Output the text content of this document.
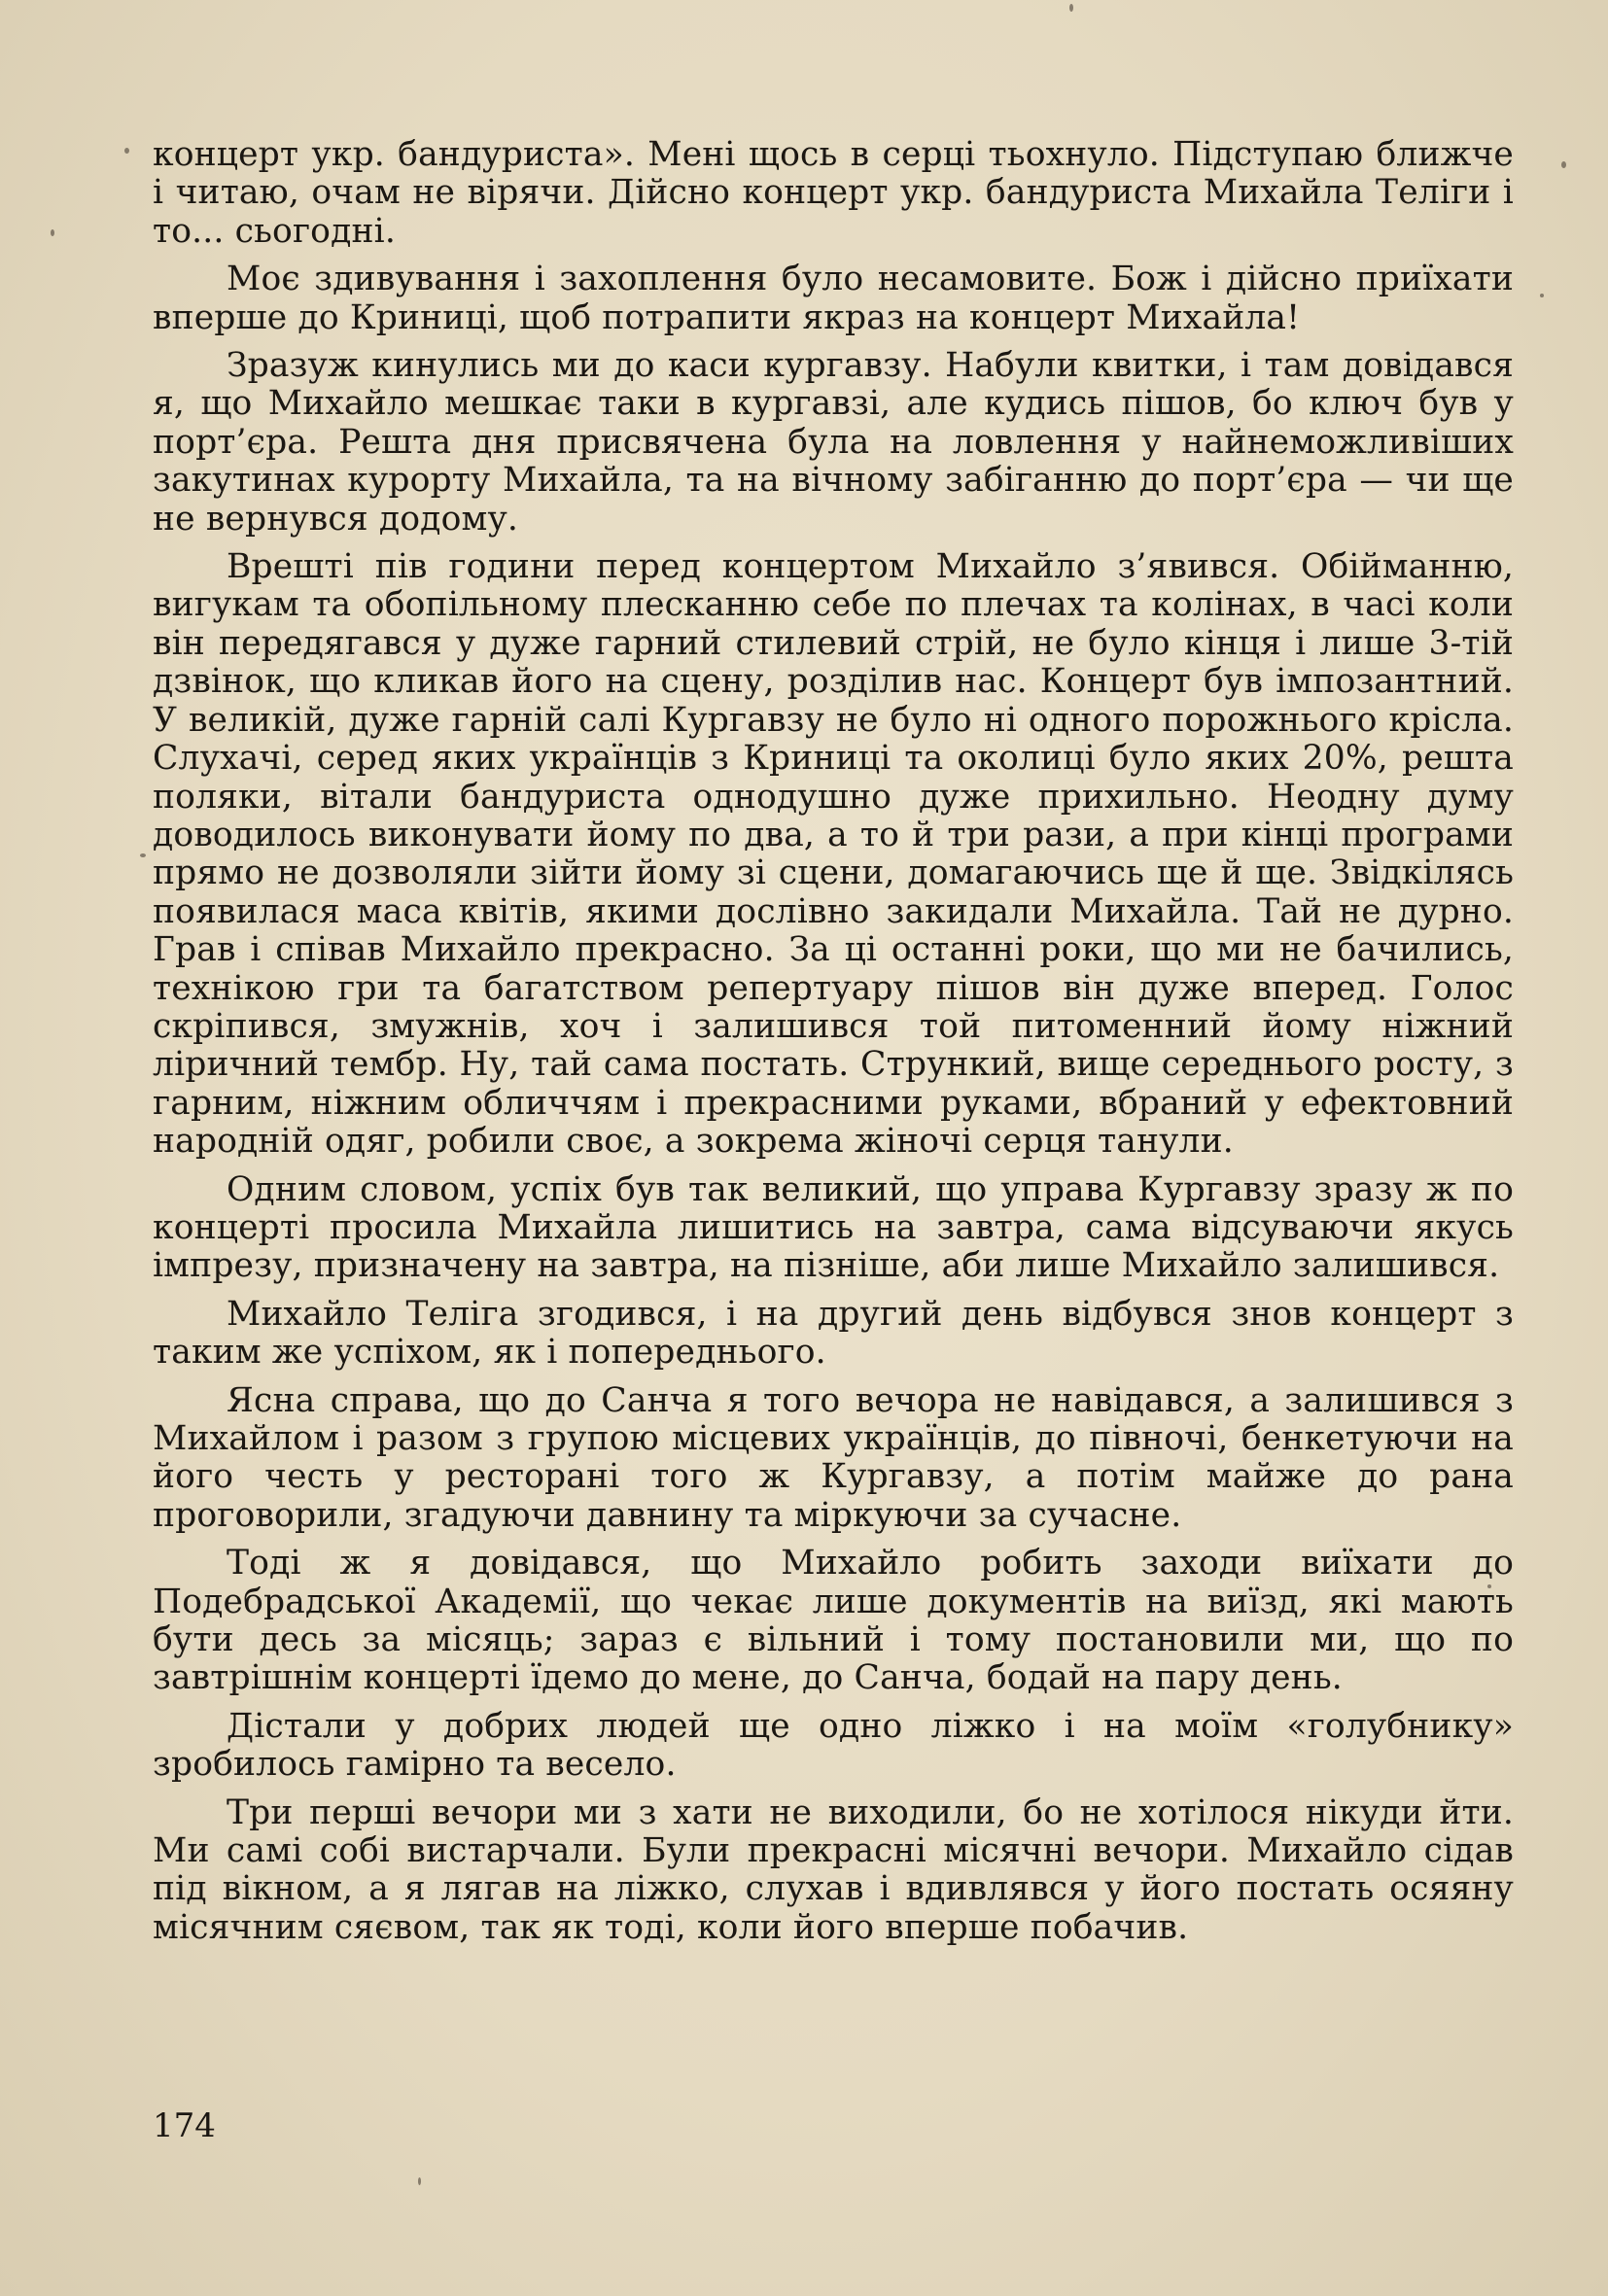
концерт укр. бандуриста». Мені щось в серці тьохнуло. Підступаю ближче і читаю, очам не вірячи. Дійсно концерт укр. бандуриста Михайла Теліги і то... сьогодні.

Моє здивування і захоплення було несамовите. Бож і дійсно приїхати вперше до Криниці, щоб потрапити якраз на концерт Михайла!

Зразуж кинулись ми до каси кургавзу. Набули квитки, і там довідався я, що Михайло мешкає таки в кургавзі, але кудись пішов, бо ключ був у порт’єра. Решта дня присвячена була на ловлення у найнеможливіших закутинах курорту Михайла, та на вічному забіганню до порт’єра — чи ще не вернувся додому.

Врешті пів години перед концертом Михайло з’явився. Обійманню, вигукам та обопільному плесканню себе по плечах та колінах, в часі коли він передягався у дуже гарний стилевий стрій, не було кінця і лише 3-тій дзвінок, що кликав його на сцену, розділив нас. Концерт був імпозантний. У великій, дуже гарній салі Кургавзу не було ні одного порожнього крісла. Слухачі, серед яких українців з Криниці та околиці було яких 20%, решта поляки, вітали бандуриста однодушно дуже прихильно. Неодну думу доводилось виконувати йому по два, а то й три рази, а при кінці програми прямо не дозволяли зійти йому зі сцени, домагаючись ще й ще. Звідкілясь появилася маса квітів, якими дослівно закидали Михайла. Тай не дурно. Грав і співав Михайло прекрасно. За ці останні роки, що ми не бачились, технікою гри та багатством репертуару пішов він дуже вперед. Голос скріпився, змужнів, хоч і залишився той питоменний йому ніжний ліричний тембр. Ну, тай сама постать. Стрункий, вище середнього росту, з гарним, ніжним обличчям і прекрасними руками, вбраний у ефектовний народній одяг, робили своє, а зокрема жіночі серця танули.

Одним словом, успіх був так великий, що управа Кургавзу зразу ж по концерті просила Михайла лишитись на завтра, сама відсуваючи якусь імпрезу, призначену на завтра, на пізніше, аби лише Михайло залишився.

Михайло Теліга згодився, і на другий день відбувся знов концерт з таким же успіхом, як і попереднього.

Ясна справа, що до Санча я того вечора не навідався, а залишився з Михайлом і разом з групою місцевих українців, до півночі, бенкетуючи на його честь у ресторані того ж Кургавзу, а потім майже до рана проговорили, згадуючи давнину та міркуючи за сучасне.

Тоді ж я довідався, що Михайло робить заходи виїхати до Подебрадської Академії, що чекає лише документів на виїзд, які мають бути десь за місяць; зараз є вільний і тому постановили ми, що по завтрішнім концерті їдемо до мене, до Санча, бодай на пару день.

Дістали у добрих людей ще одно ліжко і на моїм «голубнику» зробилось гамірно та весело.

Три перші вечори ми з хати не виходили, бо не хотілося нікуди йти. Ми самі собі вистарчали. Були прекрасні місячні вечори. Михайло сідав під вікном, а я лягав на ліжко, слухав і вдивлявся у його постать осяяну місячним сяєвом, так як тоді, коли його вперше побачив.

174
